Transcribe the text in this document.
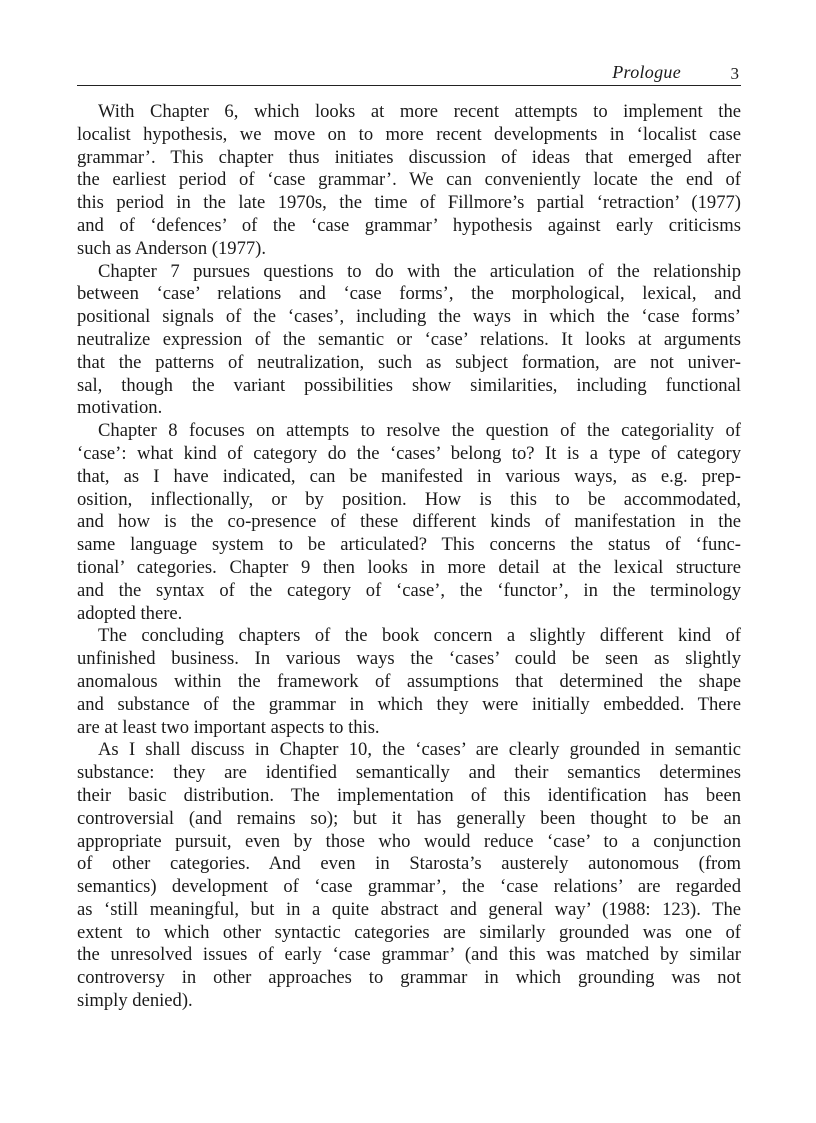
Prologue	3
With Chapter 6, which looks at more recent attempts to implement the
localist hypothesis, we move on to more recent developments in ‘localist case
grammar’. This chapter thus initiates discussion of ideas that emerged after
the earliest period of ‘case grammar’. We can conveniently locate the end of
this period in the late 1970s, the time of Fillmore’s partial ‘retraction’ (1977)
and of ‘defences’ of the ‘case grammar’ hypothesis against early criticisms
such as Anderson (1977).
Chapter 7 pursues questions to do with the articulation of the relationship
between ‘case’ relations and ‘case forms’, the morphological, lexical, and
positional signals of the ‘cases’, including the ways in which the ‘case forms’
neutralize expression of the semantic or ‘case’ relations. It looks at arguments
that the patterns of neutralization, such as subject formation, are not univer-
sal, though the variant possibilities show similarities, including functional
motivation.
Chapter 8 focuses on attempts to resolve the question of the categoriality of
‘case’: what kind of category do the ‘cases’ belong to? It is a type of category
that, as I have indicated, can be manifested in various ways, as e.g. prep-
osition, inflectionally, or by position. How is this to be accommodated,
and how is the co-presence of these different kinds of manifestation in the
same language system to be articulated? This concerns the status of ‘func-
tional’ categories. Chapter 9 then looks in more detail at the lexical structure
and the syntax of the category of ‘case’, the ‘functor’, in the terminology
adopted there.
The concluding chapters of the book concern a slightly different kind of
unfinished business. In various ways the ‘cases’ could be seen as slightly
anomalous within the framework of assumptions that determined the shape
and substance of the grammar in which they were initially embedded. There
are at least two important aspects to this.
As I shall discuss in Chapter 10, the ‘cases’ are clearly grounded in semantic
substance: they are identified semantically and their semantics determines
their basic distribution. The implementation of this identification has been
controversial (and remains so); but it has generally been thought to be an
appropriate pursuit, even by those who would reduce ‘case’ to a conjunction
of other categories. And even in Starosta’s austerely autonomous (from
semantics) development of ‘case grammar’, the ‘case relations’ are regarded
as ‘still meaningful, but in a quite abstract and general way’ (1988: 123). The
extent to which other syntactic categories are similarly grounded was one of
the unresolved issues of early ‘case grammar’ (and this was matched by similar
controversy in other approaches to grammar in which grounding was not
simply denied).
